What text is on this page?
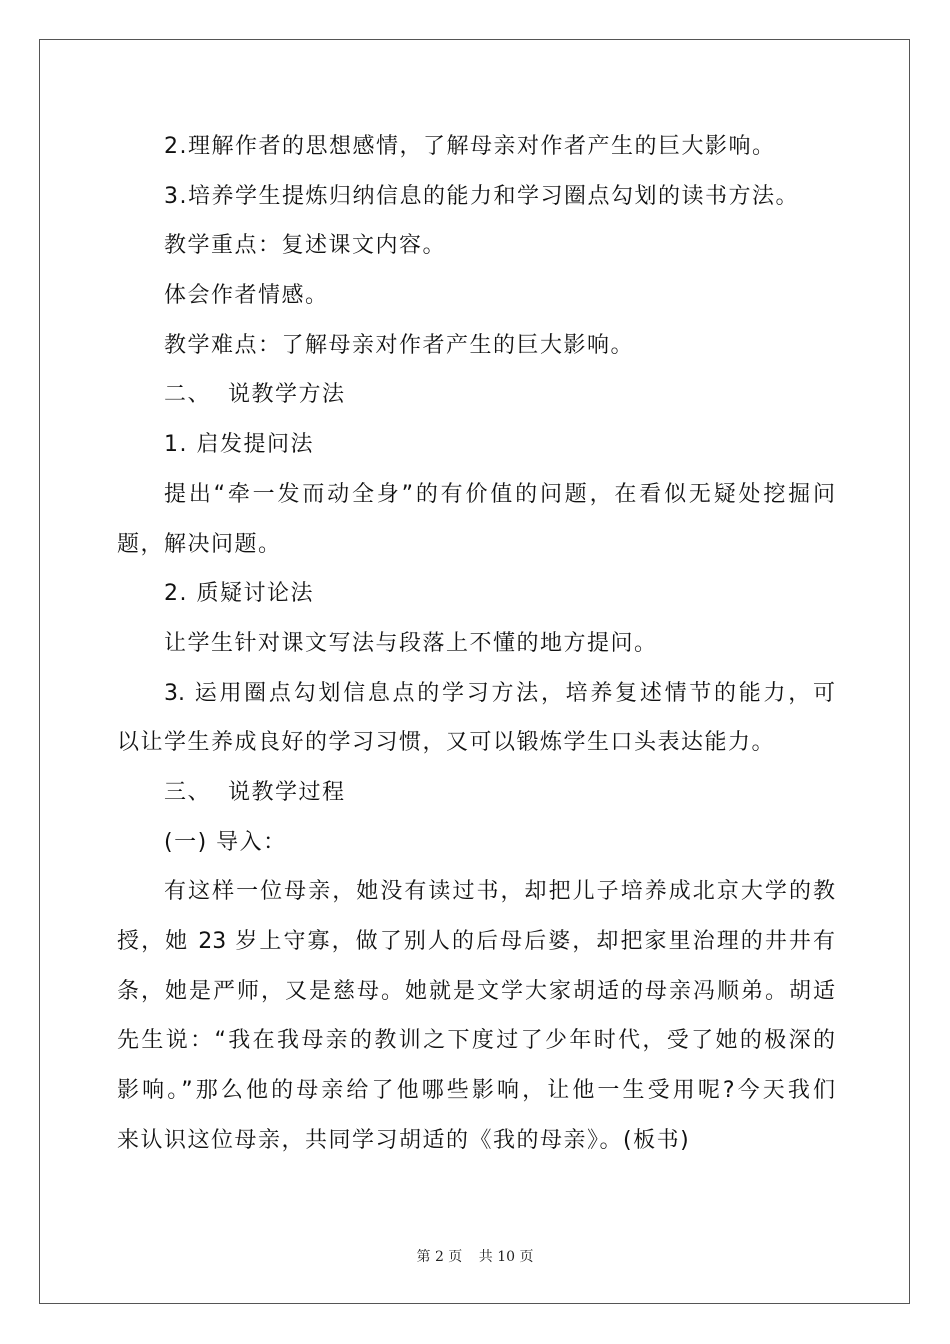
2.理解作者的思想感情，了解母亲对作者产生的巨大影响。
3.培养学生提炼归纳信息的能力和学习圈点勾划的读书方法。
教学重点：复述课文内容。
体会作者情感。
教学难点：了解母亲对作者产生的巨大影响。
二、  说教学方法
1. 启发提问法
提出“牵一发而动全身”的有价值的问题，在看似无疑处挖掘问
题，解决问题。
2. 质疑讨论法
让学生针对课文写法与段落上不懂的地方提问。
3. 运用圈点勾划信息点的学习方法，培养复述情节的能力，可
以让学生养成良好的学习习惯，又可以锻炼学生口头表达能力。
三、  说教学过程
(一) 导入：
有这样一位母亲，她没有读过书，却把儿子培养成北京大学的教
授，她 23 岁上守寡，做了别人的后母后婆，却把家里治理的井井有
条，她是严师，又是慈母。她就是文学大家胡适的母亲冯顺弟。胡适
先生说：“我在我母亲的教训之下度过了少年时代，受了她的极深的
影响。”那么他的母亲给了他哪些影响，让他一生受用呢?今天我们
来认识这位母亲，共同学习胡适的《我的母亲》。(板书)
第 2 页 共 10 页
